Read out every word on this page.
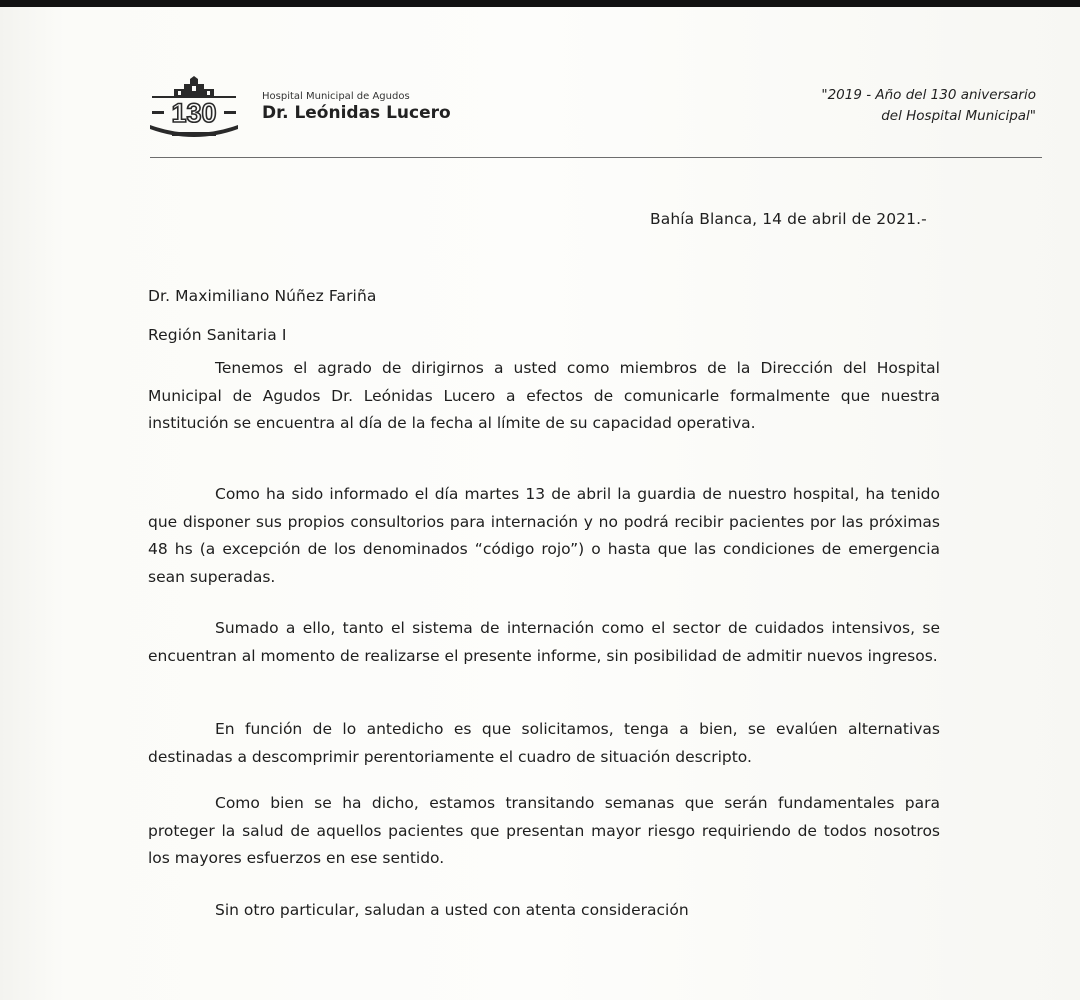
130
Hospital Municipal de Agudos
Dr. Leónidas Lucero
"2019 - Año del 130 aniversario
del Hospital Municipal"
Bahía Blanca, 14 de abril de 2021.-
Dr. Maximiliano Núñez Fariña
Región Sanitaria I

Tenemos el agrado de dirigirnos a usted como miembros de la Dirección del Hospital Municipal de Agudos Dr. Leónidas Lucero a efectos de comunicarle formalmente que nuestra institución se encuentra al día de la fecha al límite de su capacidad operativa.

Como ha sido informado el día martes 13 de abril la guardia de nuestro hospital, ha tenido que disponer sus propios consultorios para internación y no podrá recibir pacientes por las próximas 48 hs (a excepción de los denominados “código rojo”) o hasta que las condiciones de emergencia sean superadas.

Sumado a ello, tanto el sistema de internación como el sector de cuidados intensivos, se encuentran al momento de realizarse el presente informe, sin posibilidad de admitir nuevos ingresos.

En función de lo antedicho es que solicitamos, tenga a bien, se evalúen alternativas destinadas a descomprimir perentoriamente el cuadro de situación descripto.

Como bien se ha dicho, estamos transitando semanas que serán fundamentales para proteger la salud de aquellos pacientes que presentan mayor riesgo requiriendo de todos nosotros los mayores esfuerzos en ese sentido.

Sin otro particular, saludan a usted con atenta consideración
